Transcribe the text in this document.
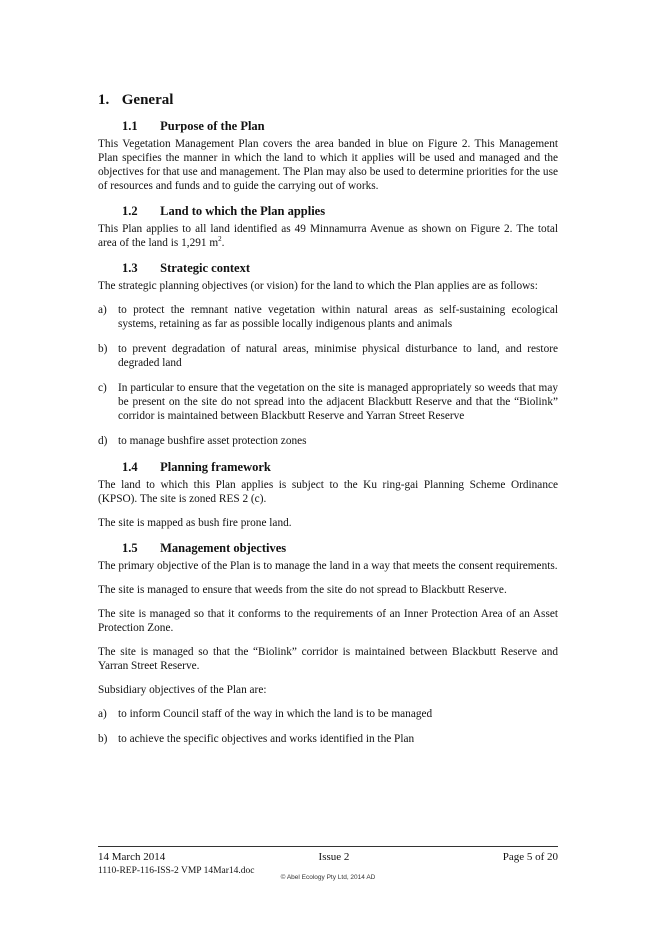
1. General
1.1 Purpose of the Plan

This Vegetation Management Plan covers the area banded in blue on Figure 2. This Management Plan specifies the manner in which the land to which it applies will be used and managed and the objectives for that use and management. The Plan may also be used to determine priorities for the use of resources and funds and to guide the carrying out of works.

1.2 Land to which the Plan applies

This Plan applies to all land identified as 49 Minnamurra Avenue as shown on Figure 2. The total area of the land is 1,291 $m^2$.

1.3 Strategic context

The strategic planning objectives (or vision) for the land to which the Plan applies are as follows:

a) to protect the remnant native vegetation within natural areas as self-sustaining ecological systems, retaining as far as possible locally indigenous plants and animals
b) to prevent degradation of natural areas, minimise physical disturbance to land, and restore degraded land
c) In particular to ensure that the vegetation on the site is managed appropriately so weeds that may be present on the site do not spread into the adjacent Blackbutt Reserve and that the “Biolink” corridor is maintained between Blackbutt Reserve and Yarran Street Reserve
d) to manage bushfire asset protection zones
1.4 Planning framework

The land to which this Plan applies is subject to the Ku ring-gai Planning Scheme Ordinance (KPSO). The site is zoned RES 2 (c).

The site is mapped as bush fire prone land.

1.5 Management objectives

The primary objective of the Plan is to manage the land in a way that meets the consent requirements.

The site is managed to ensure that weeds from the site do not spread to Blackbutt Reserve.

The site is managed so that it conforms to the requirements of an Inner Protection Area of an Asset Protection Zone.

The site is managed so that the “Biolink” corridor is maintained between Blackbutt Reserve and Yarran Street Reserve.

Subsidiary objectives of the Plan are:

a) to inform Council staff of the way in which the land is to be managed
b) to achieve the specific objectives and works identified in the Plan
14 March 2014	Issue 2	Page 5 of 20
1110-REP-116-ISS-2 VMP 14Mar14.doc
© Abel Ecology Pty Ltd, 2014 AD
